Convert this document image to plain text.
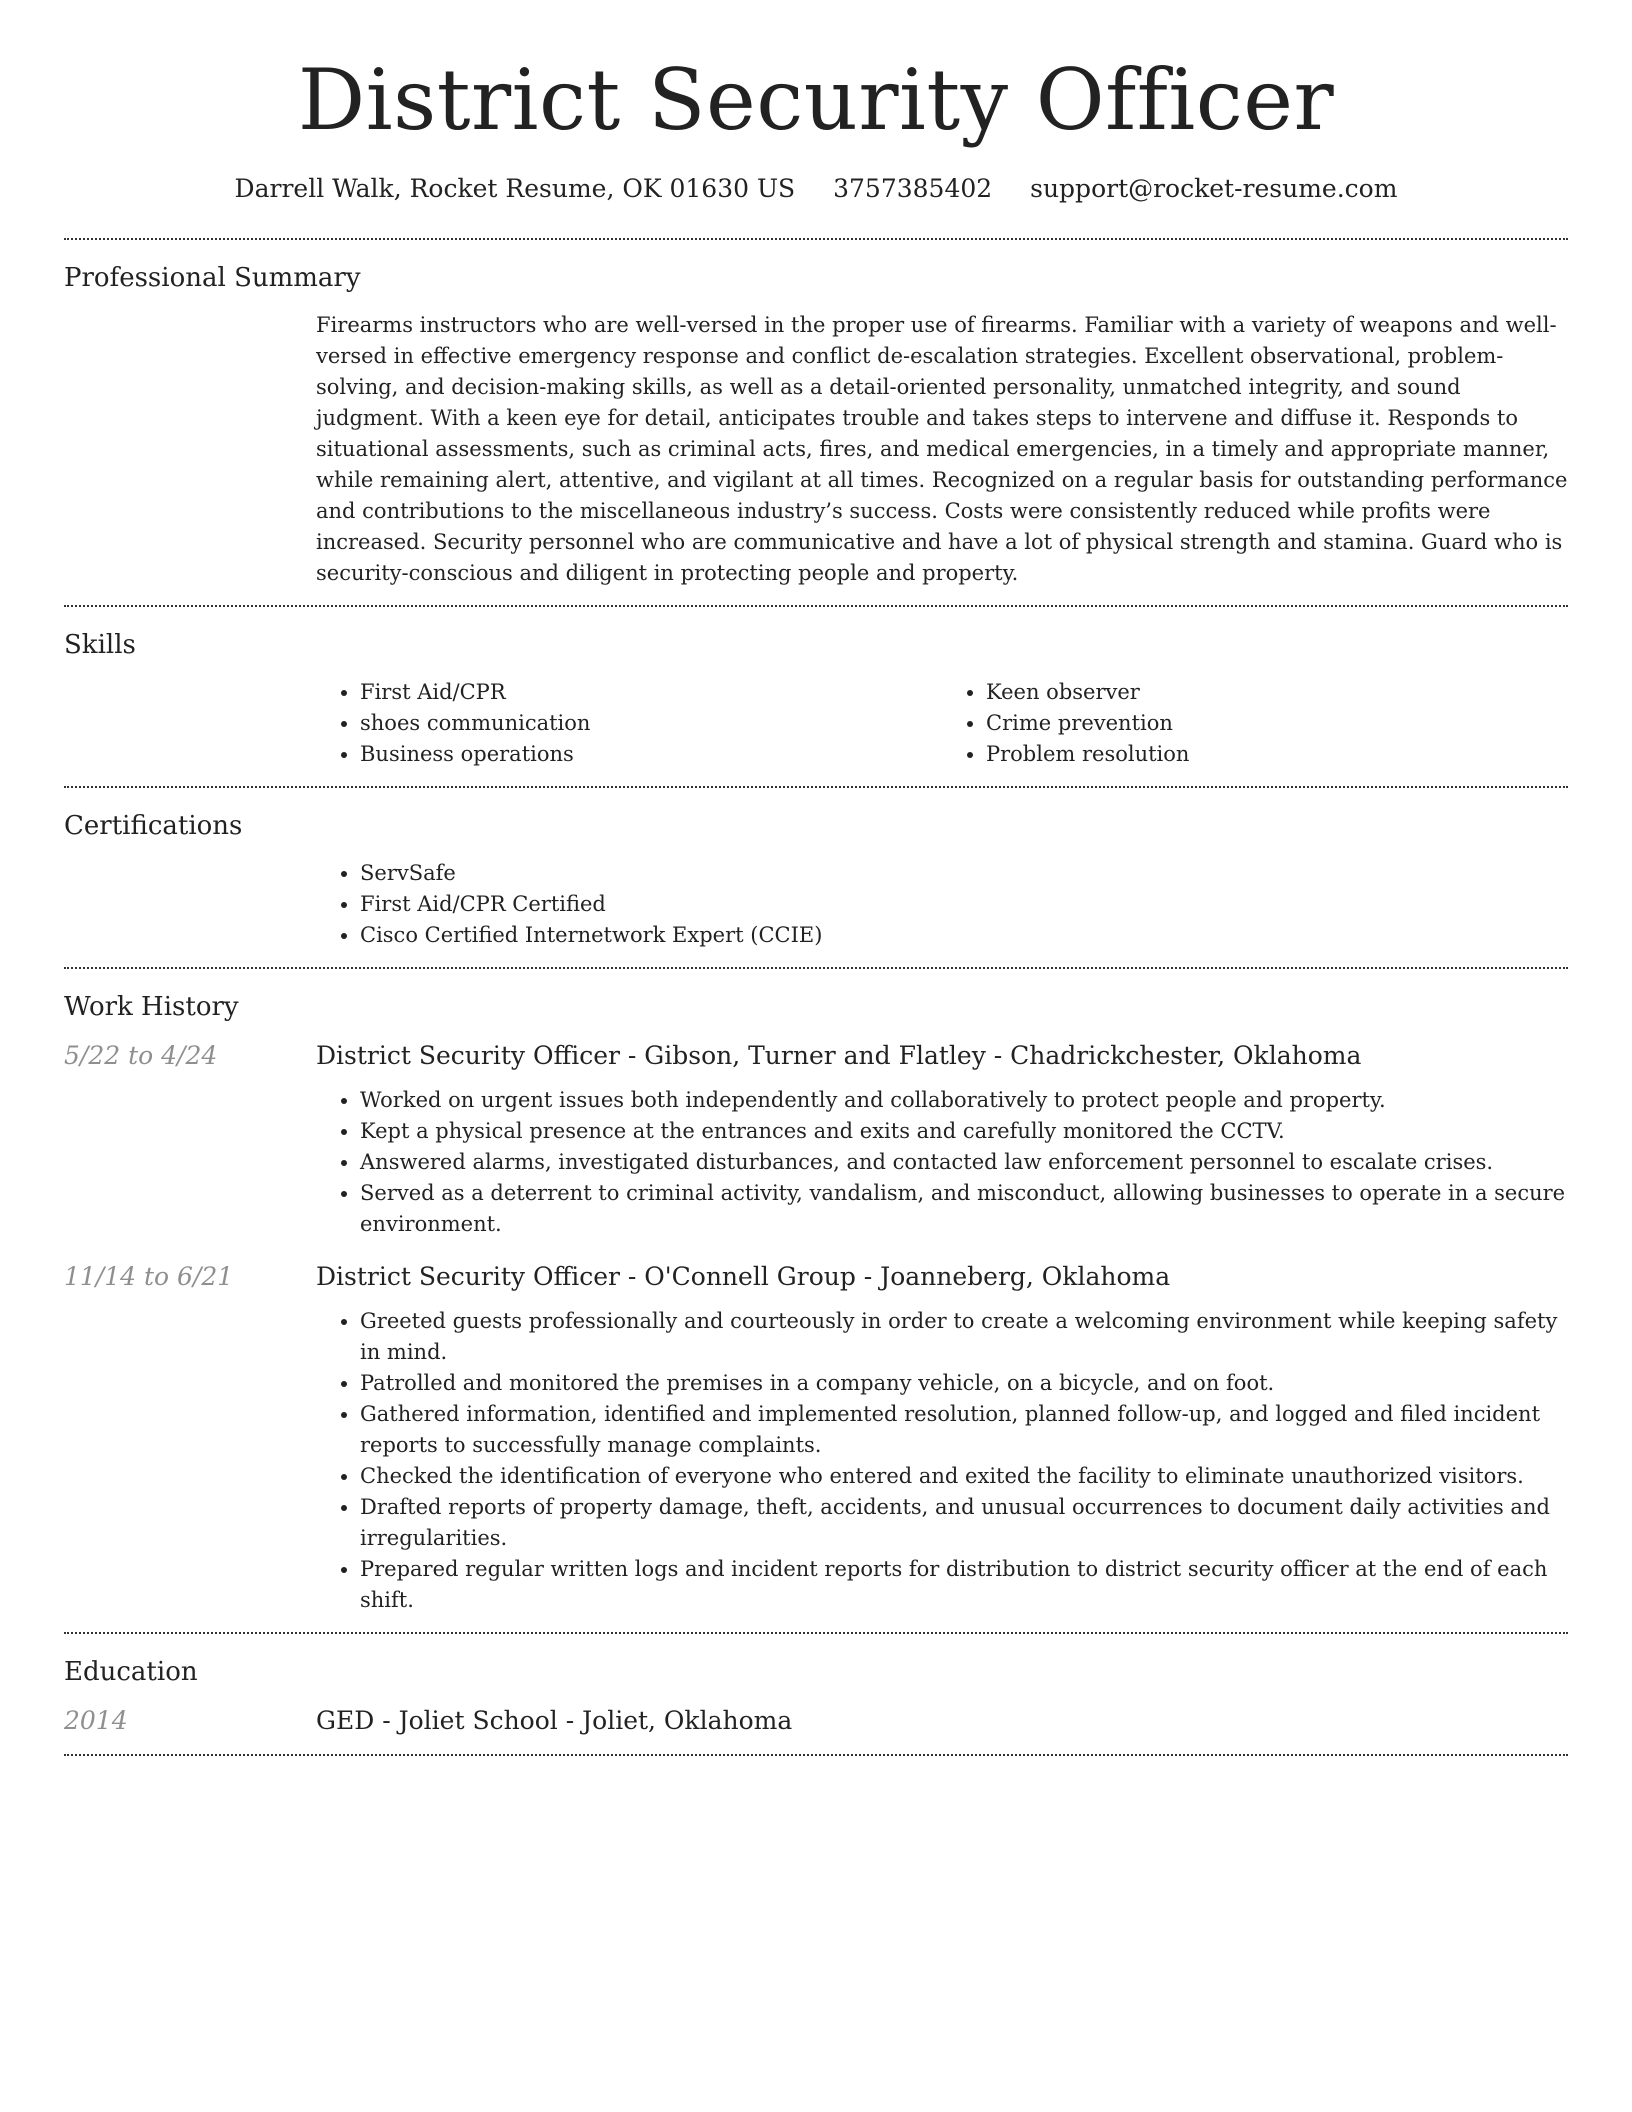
District Security Officer
Darrell Walk, Rocket Resume, OK 01630 US 3757385402 support@rocket-resume.com
Professional Summary

Firearms instructors who are well-versed in the proper use of firearms. Familiar with a variety of weapons and well-versed in effective emergency response and conflict de-escalation strategies. Excellent observational, problem-solving, and decision-making skills, as well as a detail-oriented personality, unmatched integrity, and sound judgment. With a keen eye for detail, anticipates trouble and takes steps to intervene and diffuse it. Responds to situational assessments, such as criminal acts, fires, and medical emergencies, in a timely and appropriate manner, while remaining alert, attentive, and vigilant at all times. Recognized on a regular basis for outstanding performance and contributions to the miscellaneous industry’s success. Costs were consistently reduced while profits were increased. Security personnel who are communicative and have a lot of physical strength and stamina. Guard who is security-conscious and diligent in protecting people and property.

Skills
• First Aid/CPR
• shoes communication
• Business operations
• Keen observer
• Crime prevention
• Problem resolution
Certifications
• ServSafe
• First Aid/CPR Certified
• Cisco Certified Internetwork Expert (CCIE)
Work History
5/22 to 4/24	District Security Officer - Gibson, Turner and Flatley - Chadrickchester, Oklahoma
• Worked on urgent issues both independently and collaboratively to protect people and property.
• Kept a physical presence at the entrances and exits and carefully monitored the CCTV.
• Answered alarms, investigated disturbances, and contacted law enforcement personnel to escalate crises.
• Served as a deterrent to criminal activity, vandalism, and misconduct, allowing businesses to operate in a secure environment.
11/14 to 6/21	District Security Officer - O'Connell Group - Joanneberg, Oklahoma
• Greeted guests professionally and courteously in order to create a welcoming environment while keeping safety in mind.
• Patrolled and monitored the premises in a company vehicle, on a bicycle, and on foot.
• Gathered information, identified and implemented resolution, planned follow-up, and logged and filed incident reports to successfully manage complaints.
• Checked the identification of everyone who entered and exited the facility to eliminate unauthorized visitors.
• Drafted reports of property damage, theft, accidents, and unusual occurrences to document daily activities and irregularities.
• Prepared regular written logs and incident reports for distribution to district security officer at the end of each shift.
Education
2014	GED - Joliet School - Joliet, Oklahoma
